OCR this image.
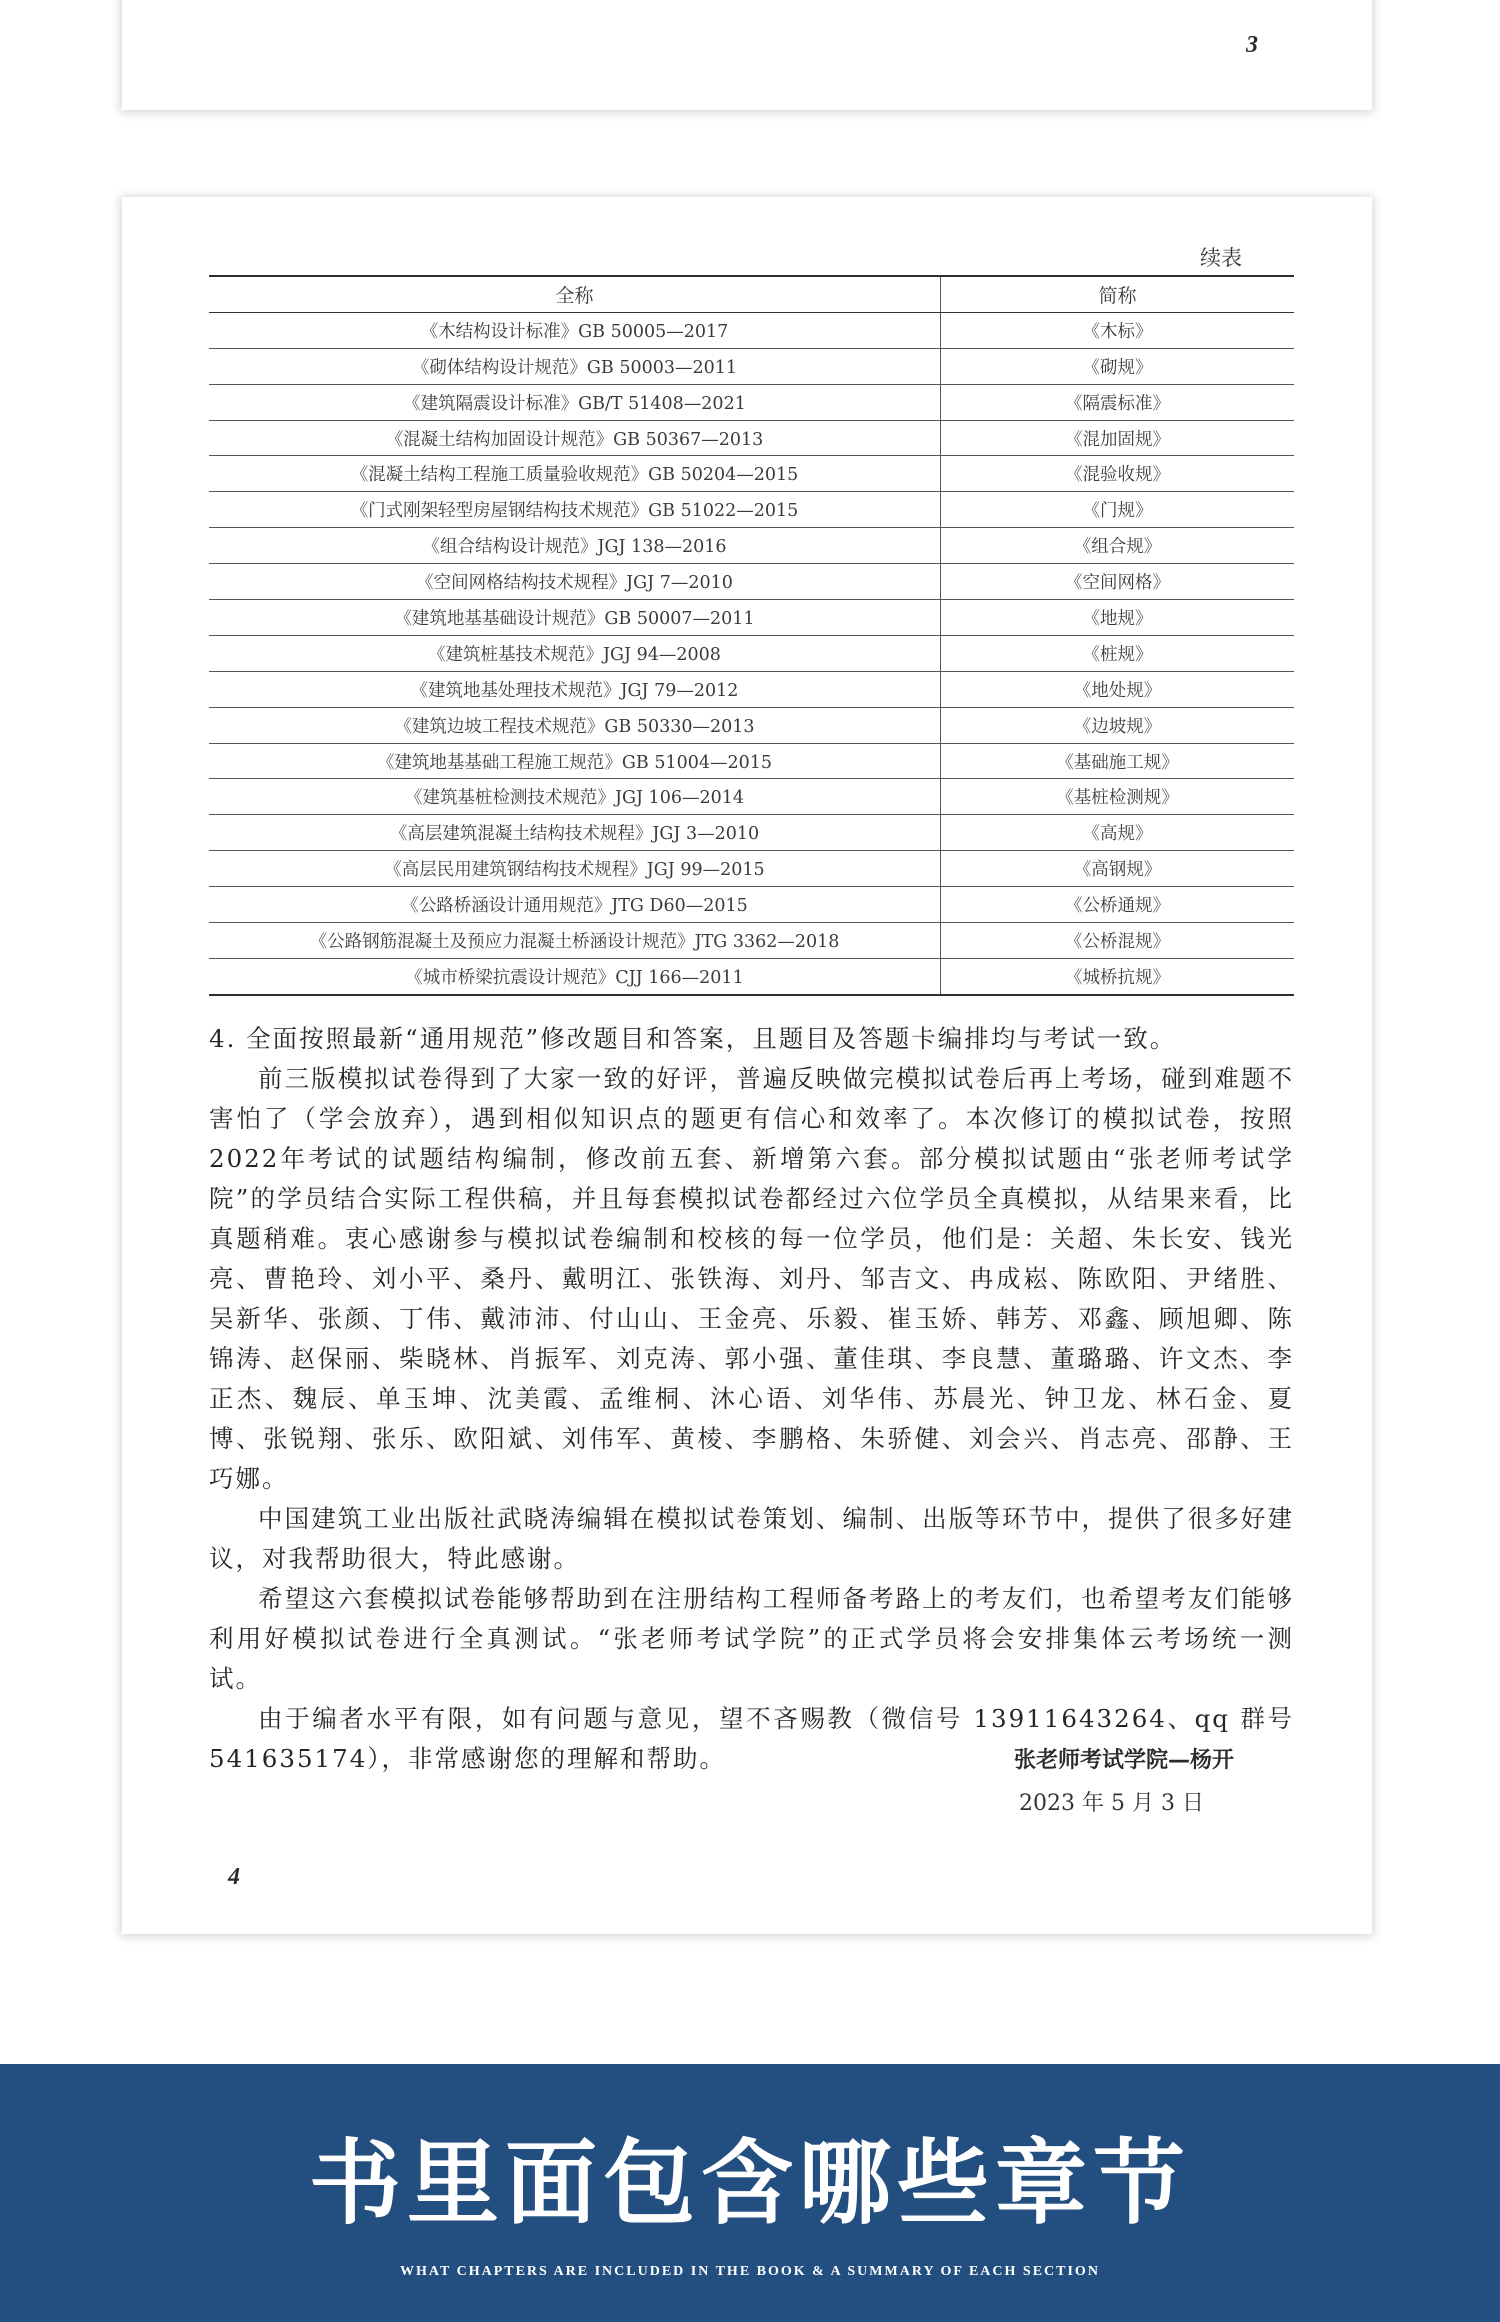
3
续表
全称	简称
《木结构设计标准》GB 50005—2017	《木标》
《砌体结构设计规范》GB 50003—2011	《砌规》
《建筑隔震设计标准》GB/T 51408—2021	《隔震标准》
《混凝土结构加固设计规范》GB 50367—2013	《混加固规》
《混凝土结构工程施工质量验收规范》GB 50204—2015	《混验收规》
《门式刚架轻型房屋钢结构技术规范》GB 51022—2015	《门规》
《组合结构设计规范》JGJ 138—2016	《组合规》
《空间网格结构技术规程》JGJ 7—2010	《空间网格》
《建筑地基基础设计规范》GB 50007—2011	《地规》
《建筑桩基技术规范》JGJ 94—2008	《桩规》
《建筑地基处理技术规范》JGJ 79—2012	《地处规》
《建筑边坡工程技术规范》GB 50330—2013	《边坡规》
《建筑地基基础工程施工规范》GB 51004—2015	《基础施工规》
《建筑基桩检测技术规范》JGJ 106—2014	《基桩检测规》
《高层建筑混凝土结构技术规程》JGJ 3—2010	《高规》
《高层民用建筑钢结构技术规程》JGJ 99—2015	《高钢规》
《公路桥涵设计通用规范》JTG D60—2015	《公桥通规》
《公路钢筋混凝土及预应力混凝土桥涵设计规范》JTG 3362—2018	《公桥混规》
《城市桥梁抗震设计规范》CJJ 166—2011	《城桥抗规》

4. 全面按照最新“通用规范”修改题目和答案，且题目及答题卡编排均与考试一致。

前三版模拟试卷得到了大家一致的好评，普遍反映做完模拟试卷后再上考场，碰到难题不害怕了（学会放弃），遇到相似知识点的题更有信心和效率了。本次修订的模拟试卷，按照2022年考试的试题结构编制，修改前五套、新增第六套。部分模拟试题由“张老师考试学院”的学员结合实际工程供稿，并且每套模拟试卷都经过六位学员全真模拟，从结果来看，比真题稍难。衷心感谢参与模拟试卷编制和校核的每一位学员，他们是：关超、朱长安、钱光亮、曹艳玲、刘小平、桑丹、戴明江、张铁海、刘丹、邹吉文、冉成崧、陈欧阳、尹绪胜、吴新华、张颜、丁伟、戴沛沛、付山山、王金亮、乐毅、崔玉娇、韩芳、邓鑫、顾旭卿、陈锦涛、赵保丽、柴晓林、肖振军、刘克涛、郭小强、董佳琪、李良慧、董璐璐、许文杰、李正杰、魏辰、单玉坤、沈美霞、孟维桐、沐心语、刘华伟、苏晨光、钟卫龙、林石金、夏博、张锐翔、张乐、欧阳斌、刘伟军、黄棱、李鹏格、朱骄健、刘会兴、肖志亮、邵静、王巧娜。

中国建筑工业出版社武晓涛编辑在模拟试卷策划、编制、出版等环节中，提供了很多好建议，对我帮助很大，特此感谢。

希望这六套模拟试卷能够帮助到在注册结构工程师备考路上的考友们，也希望考友们能够利用好模拟试卷进行全真测试。“张老师考试学院”的正式学员将会安排集体云考场统一测试。

由于编者水平有限，如有问题与意见，望不吝赐教（微信号 13911643264、qq 群号541635174），非常感谢您的理解和帮助。	张老师考试学院—杨开
2023 年 5 月 3 日
4
书里面包含哪些章节
WHAT CHAPTERS ARE INCLUDED IN THE BOOK & A SUMMARY OF EACH SECTION
